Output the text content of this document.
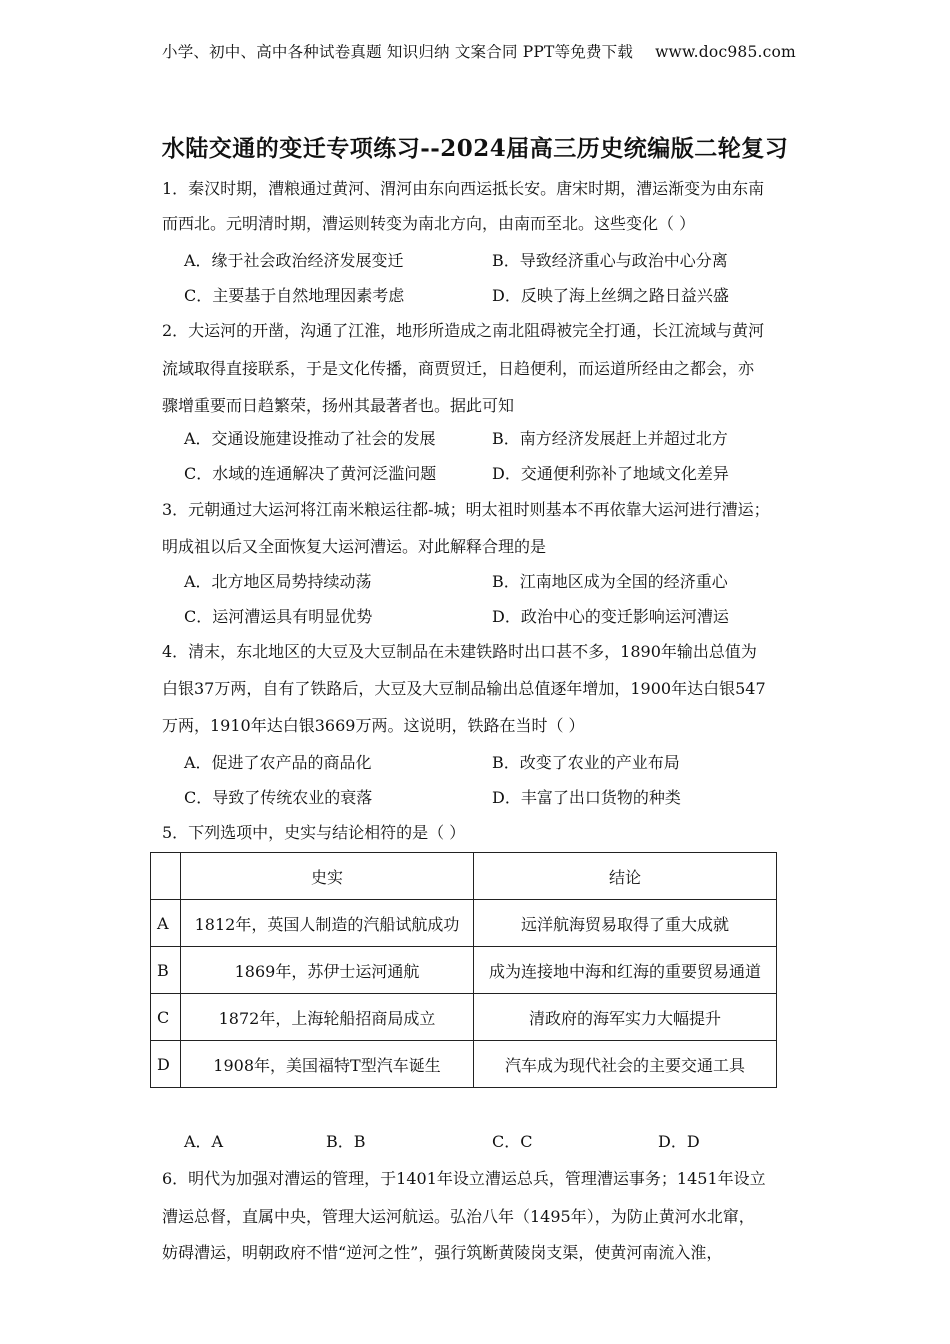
小学、初中、高中各种试卷真题 知识归纳 文案合同 PPT等免费下载 www.doc985.com
水陆交通的变迁专项练习--2024届高三历史统编版二轮复习
1．秦汉时期，漕粮通过黄河、渭河由东向西运抵长安。唐宋时期，漕运渐变为由东南
而西北。元明清时期，漕运则转变为南北方向，由南而至北。这些变化（ ）
A．缘于社会政治经济发展变迁	B．导致经济重心与政治中心分离
C．主要基于自然地理因素考虑	D．反映了海上丝绸之路日益兴盛
2．大运河的开凿，沟通了江淮，地形所造成之南北阻碍被完全打通，长江流域与黄河
流域取得直接联系，于是文化传播，商贾贸迁，日趋便利，而运道所经由之都会，亦
骤增重要而日趋繁荣，扬州其最著者也。据此可知
A．交通设施建设推动了社会的发展	B．南方经济发展赶上并超过北方
C．水域的连通解决了黄河泛滥问题	D．交通便利弥补了地域文化差异
3．元朝通过大运河将江南米粮运往都-城；明太祖时则基本不再依靠大运河进行漕运；
明成祖以后又全面恢复大运河漕运。对此解释合理的是
A．北方地区局势持续动荡	B．江南地区成为全国的经济重心
C．运河漕运具有明显优势	D．政治中心的变迁影响运河漕运
4．清末，东北地区的大豆及大豆制品在未建铁路时出口甚不多，1890年输出总值为
白银37万两，自有了铁路后，大豆及大豆制品输出总值逐年增加，1900年达白银547
万两，1910年达白银3669万两。这说明，铁路在当时（ ）
A．促进了农产品的商品化	B．改变了农业的产业布局
C．导致了传统农业的衰落	D．丰富了出口货物的种类
5．下列选项中，史实与结论相符的是（ ）
	史实	结论
A	1812年，英国人制造的汽船试航成功	远洋航海贸易取得了重大成就
B	1869年，苏伊士运河通航	成为连接地中海和红海的重要贸易通道
C	1872年，上海轮船招商局成立	清政府的海军实力大幅提升
D	1908年，美国福特T型汽车诞生	汽车成为现代社会的主要交通工具
A．A	B．B	C．C	D．D
6．明代为加强对漕运的管理，于1401年设立漕运总兵，管理漕运事务；1451年设立
漕运总督，直属中央，管理大运河航运。弘治八年（1495年），为防止黄河水北窜，
妨碍漕运，明朝政府不惜“逆河之性”，强行筑断黄陵岗支渠，使黄河南流入淮，
